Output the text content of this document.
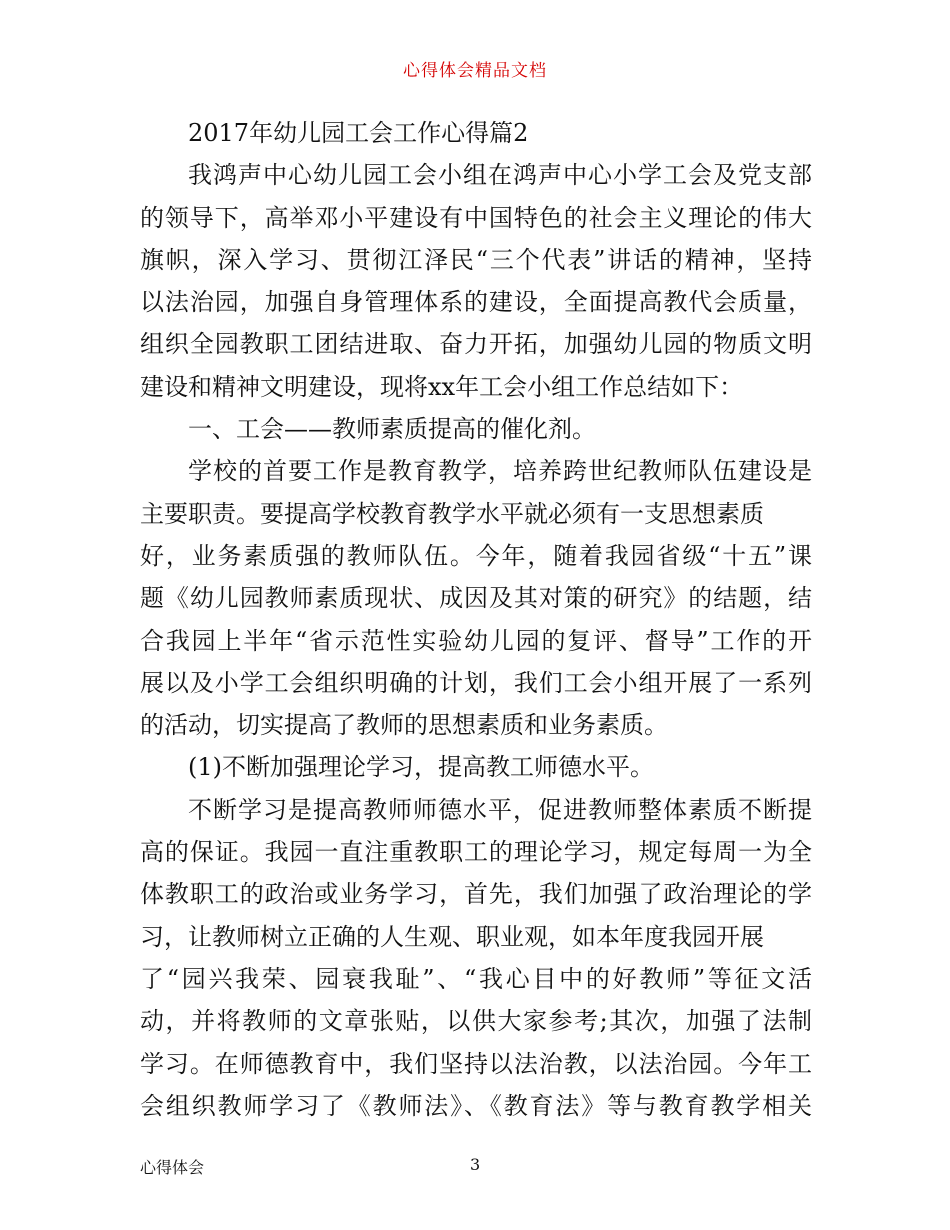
心得体会精品文档
2017年幼儿园工会工作心得篇2
我鸿声中心幼儿园工会小组在鸿声中心小学工会及党支部
的领导下，高举邓小平建设有中国特色的社会主义理论的伟大
旗帜，深入学习、贯彻江泽民“三个代表”讲话的精神，坚持
以法治园，加强自身管理体系的建设，全面提高教代会质量，
组织全园教职工团结进取、奋力开拓，加强幼儿园的物质文明
建设和精神文明建设，现将xx年工会小组工作总结如下：
一、工会——教师素质提高的催化剂。
学校的首要工作是教育教学，培养跨世纪教师队伍建设是
主要职责。要提高学校教育教学水平就必须有一支思想素质
好，业务素质强的教师队伍。今年，随着我园省级“十五”课
题《幼儿园教师素质现状、成因及其对策的研究》的结题，结
合我园上半年“省示范性实验幼儿园的复评、督导”工作的开
展以及小学工会组织明确的计划，我们工会小组开展了一系列
的活动，切实提高了教师的思想素质和业务素质。
(1)不断加强理论学习，提高教工师德水平。
不断学习是提高教师师德水平，促进教师整体素质不断提
高的保证。我园一直注重教职工的理论学习，规定每周一为全
体教职工的政治或业务学习，首先，我们加强了政治理论的学
习，让教师树立正确的人生观、职业观，如本年度我园开展
了“园兴我荣、园衰我耻”、“我心目中的好教师”等征文活
动，并将教师的文章张贴，以供大家参考;其次，加强了法制
学习。在师德教育中，我们坚持以法治教，以法治园。今年工
会组织教师学习了《教师法》、《教育法》等与教育教学相关
心得体会	3
